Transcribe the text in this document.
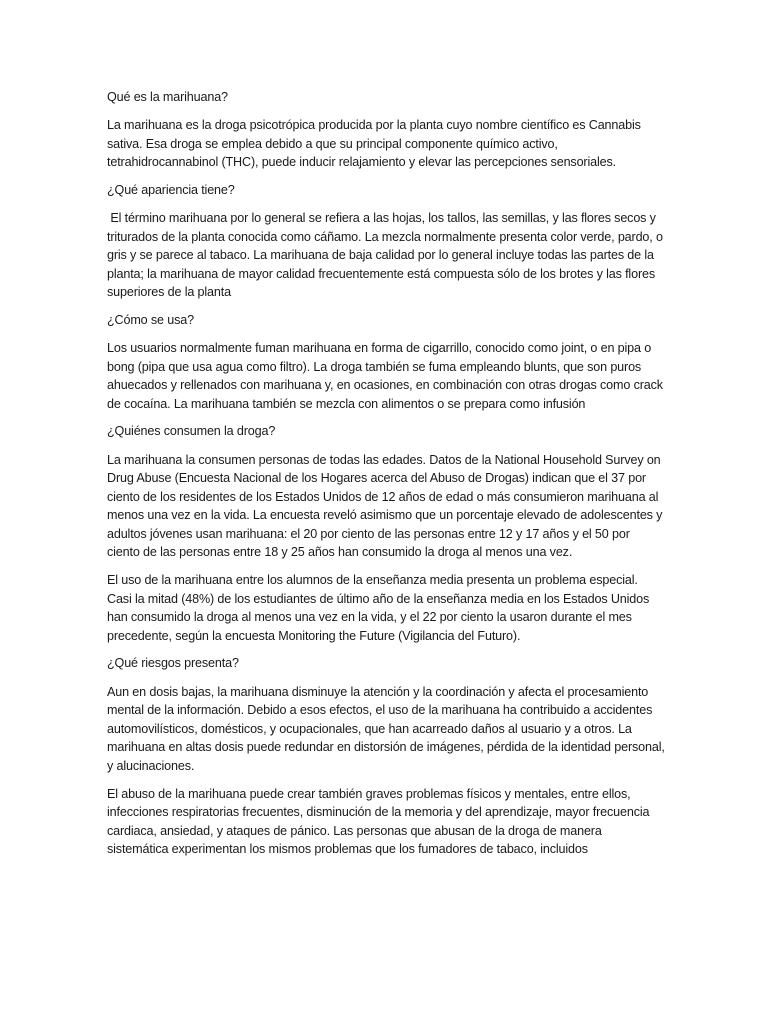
Qué es la marihuana?

La marihuana es la droga psicotrópica producida por la planta cuyo nombre científico es Cannabis sativa. Esa droga se emplea debido a que su principal componente químico activo, tetrahidrocannabinol (THC), puede inducir relajamiento y elevar las percepciones sensoriales.

¿Qué apariencia tiene?

El término marihuana por lo general se refiera a las hojas, los tallos, las semillas, y las flores secos y triturados de la planta conocida como cáñamo. La mezcla normalmente presenta color verde, pardo, o gris y se parece al tabaco. La marihuana de baja calidad por lo general incluye todas las partes de la planta; la marihuana de mayor calidad frecuentemente está compuesta sólo de los brotes y las flores superiores de la planta

¿Cómo se usa?

Los usuarios normalmente fuman marihuana en forma de cigarrillo, conocido como joint, o en pipa o bong (pipa que usa agua como filtro). La droga también se fuma empleando blunts, que son puros ahuecados y rellenados con marihuana y, en ocasiones, en combinación con otras drogas como crack de cocaína. La marihuana también se mezcla con alimentos o se prepara como infusión

¿Quiénes consumen la droga?

La marihuana la consumen personas de todas las edades. Datos de la National Household Survey on Drug Abuse (Encuesta Nacional de los Hogares acerca del Abuso de Drogas) indican que el 37 por ciento de los residentes de los Estados Unidos de 12 años de edad o más consumieron marihuana al menos una vez en la vida. La encuesta reveló asimismo que un porcentaje elevado de adolescentes y adultos jóvenes usan marihuana: el 20 por ciento de las personas entre 12 y 17 años y el 50 por ciento de las personas entre 18 y 25 años han consumido la droga al menos una vez.

El uso de la marihuana entre los alumnos de la enseñanza media presenta un problema especial. Casi la mitad (48%) de los estudiantes de último año de la enseñanza media en los Estados Unidos han consumido la droga al menos una vez en la vida, y el 22 por ciento la usaron durante el mes precedente, según la encuesta Monitoring the Future (Vigilancia del Futuro).

¿Qué riesgos presenta?

Aun en dosis bajas, la marihuana disminuye la atención y la coordinación y afecta el procesamiento mental de la información. Debido a esos efectos, el uso de la marihuana ha contribuido a accidentes automovilísticos, domésticos, y ocupacionales, que han acarreado daños al usuario y a otros. La marihuana en altas dosis puede redundar en distorsión de imágenes, pérdida de la identidad personal, y alucinaciones.

El abuso de la marihuana puede crear también graves problemas físicos y mentales, entre ellos, infecciones respiratorias frecuentes, disminución de la memoria y del aprendizaje, mayor frecuencia cardiaca, ansiedad, y ataques de pánico. Las personas que abusan de la droga de manera sistemática experimentan los mismos problemas que los fumadores de tabaco, incluidos
